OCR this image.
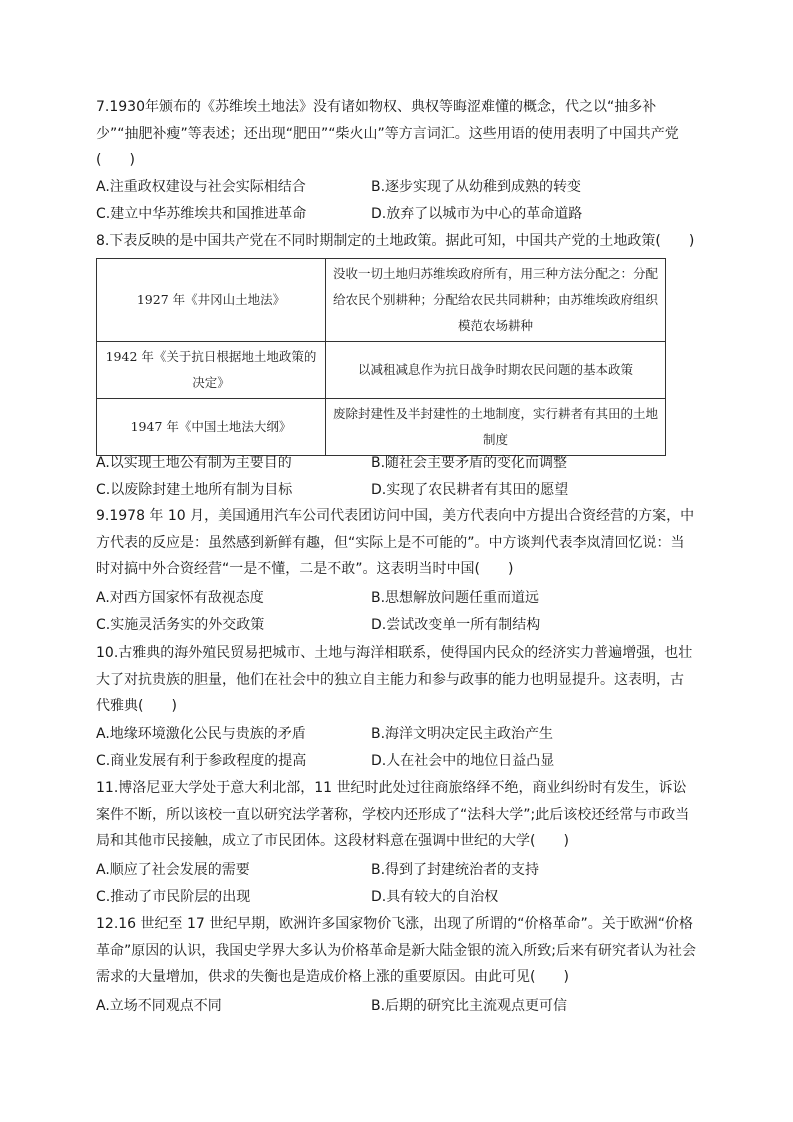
7.1930年颁布的《苏维埃土地法》没有诸如物权、典权等晦涩难懂的概念，代之以“抽多补少”“抽肥补瘦”等表述；还出现“肥田”“柴火山”等方言词汇。这些用语的使用表明了中国共产党(　　)
A.注重政权建设与社会实际相结合	B.逐步实现了从幼稚到成熟的转变
C.建立中华苏维埃共和国推进革命	D.放弃了以城市为中心的革命道路
8.下表反映的是中国共产党在不同时期制定的土地政策。据此可知，中国共产党的土地政策(　　)
1927 年《井冈山土地法》	没收一切土地归苏维埃政府所有，用三种方法分配之：分配给农民个别耕种；分配给农民共同耕种；由苏维埃政府组织模范农场耕种
1942 年《关于抗日根据地土地政策的决定》	以减租减息作为抗日战争时期农民问题的基本政策
1947 年《中国土地法大纲》	废除封建性及半封建性的土地制度，实行耕者有其田的土地制度
A.以实现土地公有制为主要目的	B.随社会主要矛盾的变化而调整
C.以废除封建土地所有制为目标	D.实现了农民耕者有其田的愿望
9.1978 年 10 月，美国通用汽车公司代表团访问中国，美方代表向中方提出合资经营的方案，中方代表的反应是：虽然感到新鲜有趣，但“实际上是不可能的”。中方谈判代表李岚清回忆说：当时对搞中外合资经营“一是不懂，二是不敢”。这表明当时中国(　　)
A.对西方国家怀有敌视态度	B.思想解放问题任重而道远
C.实施灵活务实的外交政策	D.尝试改变单一所有制结构
10.古雅典的海外殖民贸易把城市、土地与海洋相联系，使得国内民众的经济实力普遍增强，也壮大了对抗贵族的胆量，他们在社会中的独立自主能力和参与政事的能力也明显提升。这表明，古代雅典(　　)
A.地缘环境激化公民与贵族的矛盾	B.海洋文明决定民主政治产生
C.商业发展有利于参政程度的提高	D.人在社会中的地位日益凸显
11.博洛尼亚大学处于意大利北部，11 世纪时此处过往商旅络绎不绝，商业纠纷时有发生，诉讼案件不断，所以该校一直以研究法学著称，学校内还形成了“法科大学”;此后该校还经常与市政当局和其他市民接触，成立了市民团体。这段材料意在强调中世纪的大学(　　)
A.顺应了社会发展的需要	B.得到了封建统治者的支持
C.推动了市民阶层的出现	D.具有较大的自治权
12.16 世纪至 17 世纪早期，欧洲许多国家物价飞涨，出现了所谓的“价格革命”。关于欧洲“价格革命”原因的认识，我国史学界大多认为价格革命是新大陆金银的流入所致;后来有研究者认为社会需求的大量增加，供求的失衡也是造成价格上涨的重要原因。由此可见(　　)
A.立场不同观点不同	B.后期的研究比主流观点更可信
